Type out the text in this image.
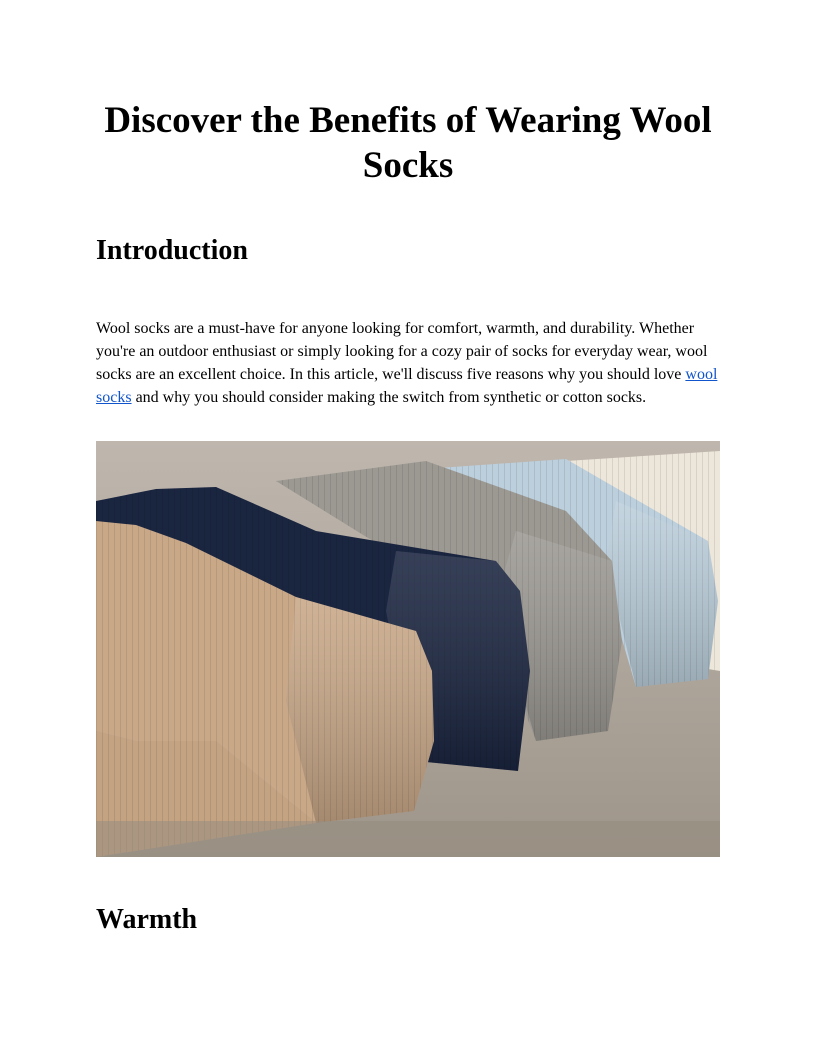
Discover the Benefits of Wearing Wool Socks
Introduction

Wool socks are a must-have for anyone looking for comfort, warmth, and durability. Whether you're an outdoor enthusiast or simply looking for a cozy pair of socks for everyday wear, wool socks are an excellent choice. In this article, we'll discuss five reasons why you should love wool socks and why you should consider making the switch from synthetic or cotton socks.

Warmth
